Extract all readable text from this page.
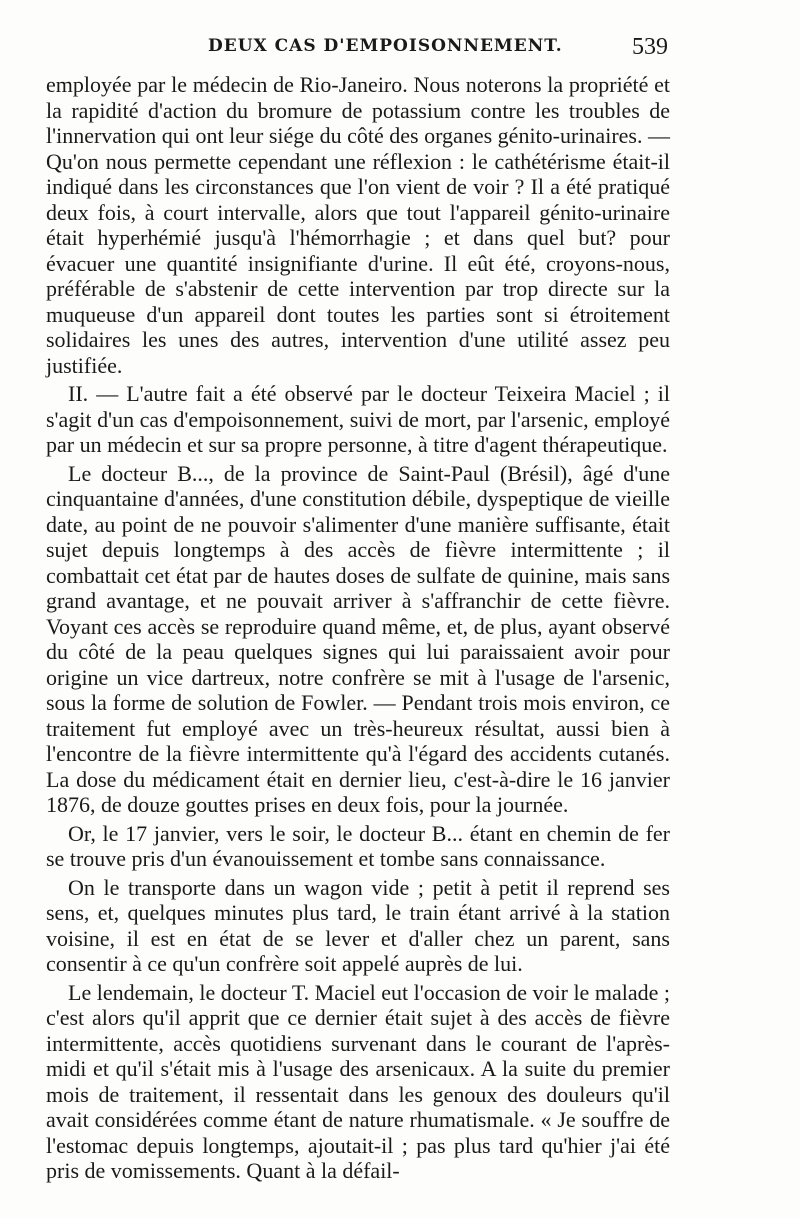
DEUX CAS D'EMPOISONNEMENT.	539

employée par le médecin de Rio-Janeiro. Nous noterons la propriété et la rapidité d'action du bromure de potassium contre les troubles de l'innervation qui ont leur siége du côté des organes génito-urinaires. — Qu'on nous permette cependant une réflexion : le cathétérisme était-il indiqué dans les circonstances que l'on vient de voir ? Il a été pratiqué deux fois, à court intervalle, alors que tout l'appareil génito-urinaire était hyperhémié jusqu'à l'hémorrhagie ; et dans quel but? pour évacuer une quantité insignifiante d'urine. Il eût été, croyons-nous, préférable de s'abstenir de cette intervention par trop directe sur la muqueuse d'un appareil dont toutes les parties sont si étroitement solidaires les unes des autres, intervention d'une utilité assez peu justifiée.

II. — L'autre fait a été observé par le docteur Teixeira Maciel ; il s'agit d'un cas d'empoisonnement, suivi de mort, par l'arsenic, employé par un médecin et sur sa propre personne, à titre d'agent thérapeutique.

Le docteur B..., de la province de Saint-Paul (Brésil), âgé d'une cinquantaine d'années, d'une constitution débile, dyspeptique de vieille date, au point de ne pouvoir s'alimenter d'une manière suffisante, était sujet depuis longtemps à des accès de fièvre intermittente ; il combattait cet état par de hautes doses de sulfate de quinine, mais sans grand avantage, et ne pouvait arriver à s'affranchir de cette fièvre. Voyant ces accès se reproduire quand même, et, de plus, ayant observé du côté de la peau quelques signes qui lui paraissaient avoir pour origine un vice dartreux, notre confrère se mit à l'usage de l'arsenic, sous la forme de solution de Fowler. — Pendant trois mois environ, ce traitement fut employé avec un très-heureux résultat, aussi bien à l'encontre de la fièvre intermittente qu'à l'égard des accidents cutanés. La dose du médicament était en dernier lieu, c'est-à-dire le 16 janvier 1876, de douze gouttes prises en deux fois, pour la journée.

Or, le 17 janvier, vers le soir, le docteur B... étant en chemin de fer se trouve pris d'un évanouissement et tombe sans connaissance.

On le transporte dans un wagon vide ; petit à petit il reprend ses sens, et, quelques minutes plus tard, le train étant arrivé à la station voisine, il est en état de se lever et d'aller chez un parent, sans consentir à ce qu'un confrère soit appelé auprès de lui.

Le lendemain, le docteur T. Maciel eut l'occasion de voir le malade ; c'est alors qu'il apprit que ce dernier était sujet à des accès de fièvre intermittente, accès quotidiens survenant dans le courant de l'après-midi et qu'il s'était mis à l'usage des arsenicaux. A la suite du premier mois de traitement, il ressentait dans les genoux des douleurs qu'il avait considérées comme étant de nature rhumatismale. « Je souffre de l'estomac depuis longtemps, ajoutait-il ; pas plus tard qu'hier j'ai été pris de vomissements. Quant à la défail-
